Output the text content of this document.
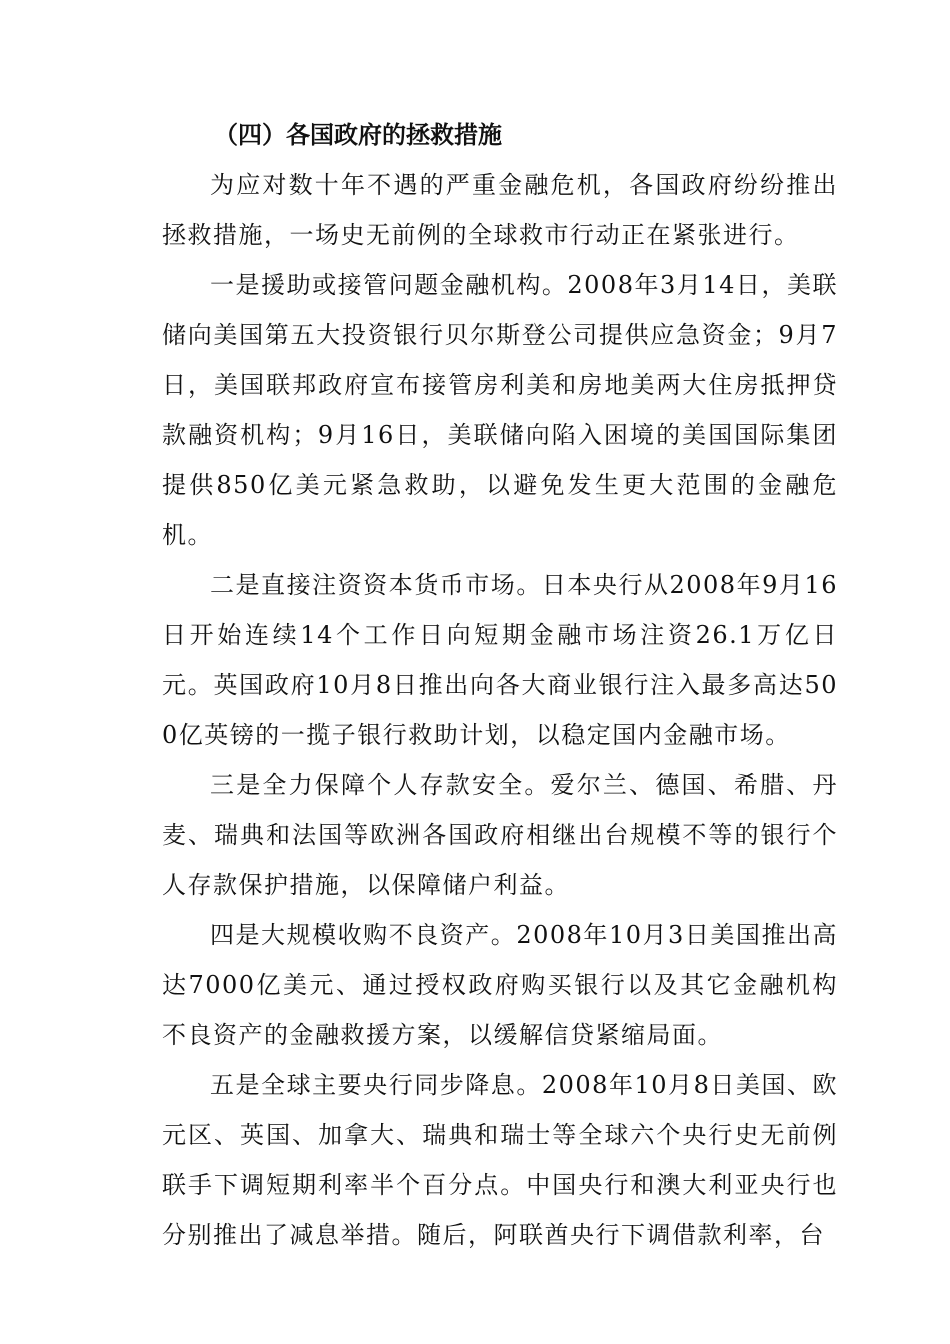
（四）各国政府的拯救措施

为应对数十年不遇的严重金融危机，各国政府纷纷推出拯救措施，一场史无前例的全球救市行动正在紧张进行。

一是援助或接管问题金融机构。2008年3月14日，美联储向美国第五大投资银行贝尔斯登公司提供应急资金；9月7日，美国联邦政府宣布接管房利美和房地美两大住房抵押贷款融资机构；9月16日，美联储向陷入困境的美国国际集团提供850亿美元紧急救助，以避免发生更大范围的金融危机。

二是直接注资资本货币市场。日本央行从2008年9月16日开始连续14个工作日向短期金融市场注资26.1万亿日元。英国政府10月8日推出向各大商业银行注入最多高达500亿英镑的一揽子银行救助计划，以稳定国内金融市场。

三是全力保障个人存款安全。爱尔兰、德国、希腊、丹麦、瑞典和法国等欧洲各国政府相继出台规模不等的银行个人存款保护措施，以保障储户利益。

四是大规模收购不良资产。2008年10月3日美国推出高达7000亿美元、通过授权政府购买银行以及其它金融机构不良资产的金融救援方案，以缓解信贷紧缩局面。

五是全球主要央行同步降息。2008年10月8日美国、欧元区、英国、加拿大、瑞典和瑞士等全球六个央行史无前例联手下调短期利率半个百分点。中国央行和澳大利亚央行也分别推出了减息举措。随后，阿联酋央行下调借款利率，台
